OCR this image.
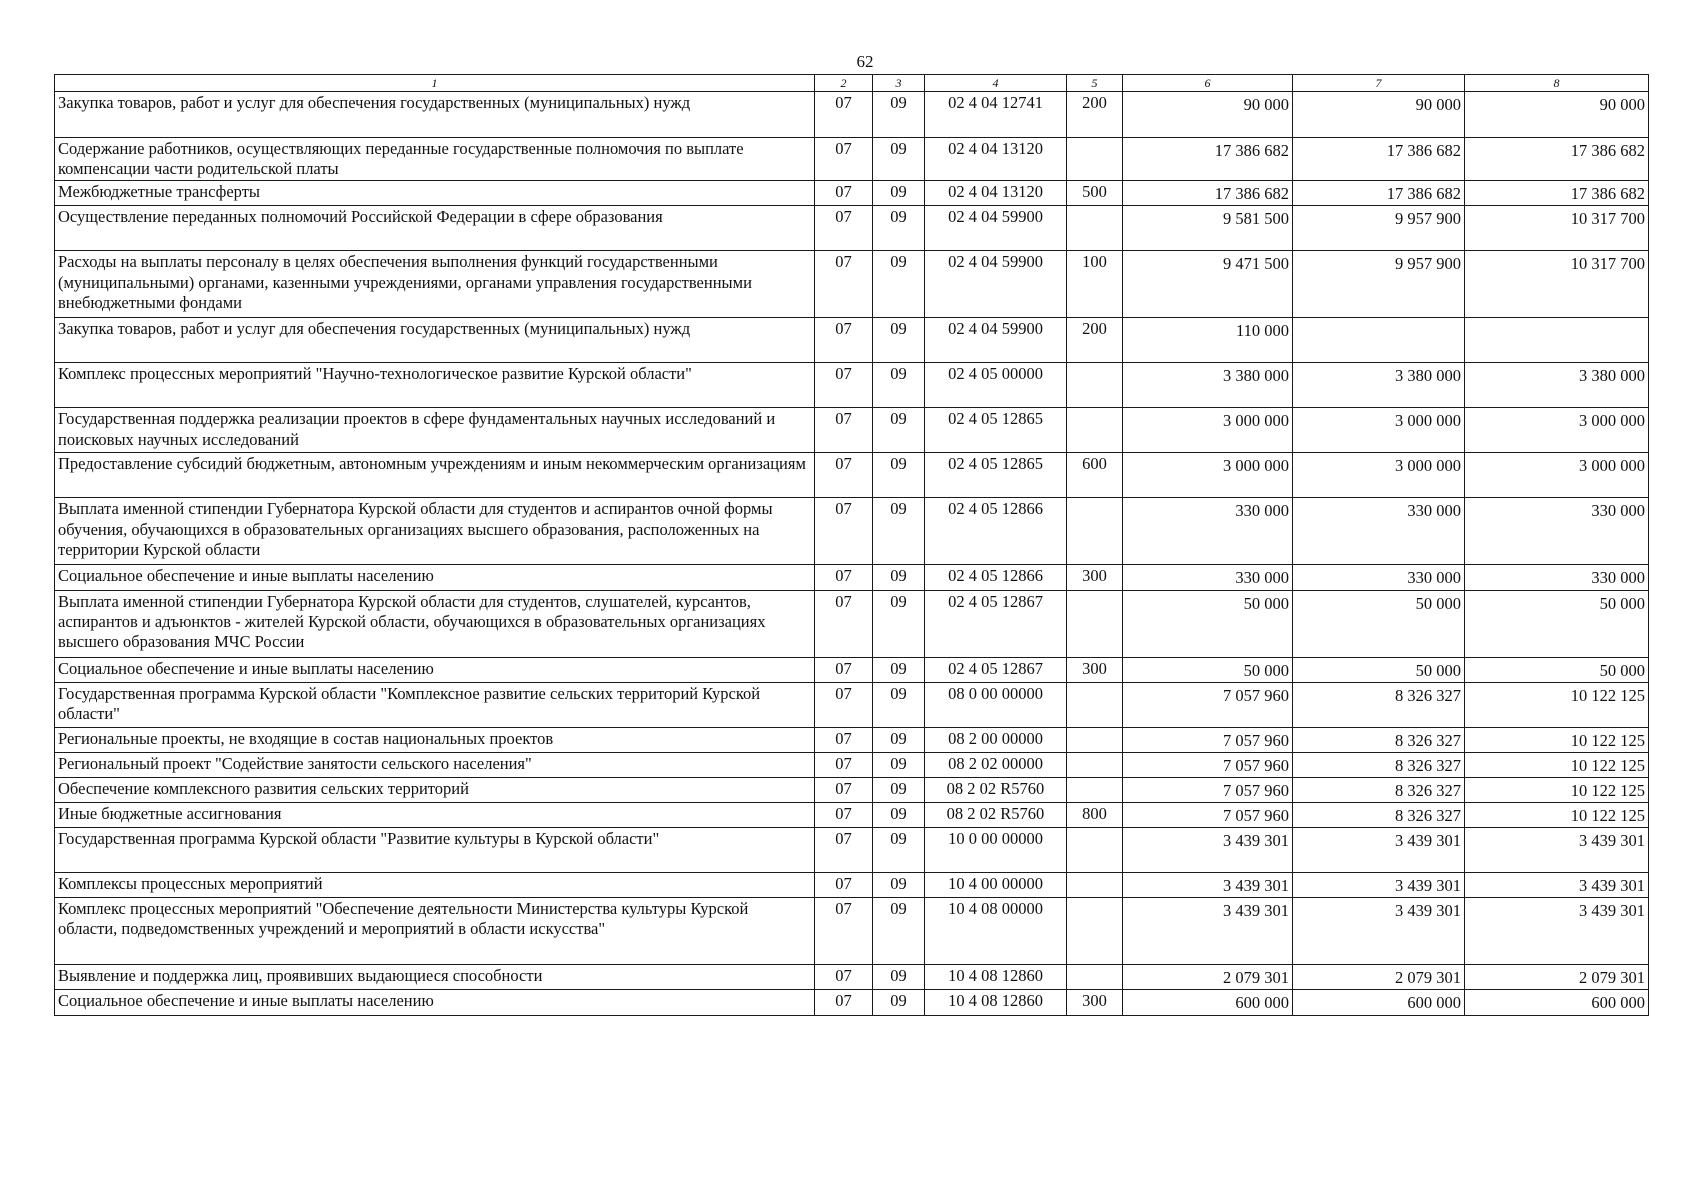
62
1	2	3	4	5	6	7	8
Закупка товаров, работ и услуг для обеспечения государственных (муниципальных) нужд	07	09	02 4 04 12741	200	90 000	90 000	90 000

Содержание работников, осуществляющих переданные государственные полномочия по выплате компенсации части родительской платы	07	09	02 4 04 13120		17 386 682	17 386 682	17 386 682

Межбюджетные трансферты	07	09	02 4 04 13120	500	17 386 682	17 386 682	17 386 682

Осуществление переданных полномочий Российской Федерации в сфере образования	07	09	02 4 04 59900		9 581 500	9 957 900	10 317 700

Расходы на выплаты персоналу в целях обеспечения выполнения функций государственными (муниципальными) органами, казенными учреждениями, органами управления государственными внебюджетными фондами	07	09	02 4 04 59900	100	9 471 500	9 957 900	10 317 700

Закупка товаров, работ и услуг для обеспечения государственных (муниципальных) нужд	07	09	02 4 04 59900	200	110 000		

Комплекс процессных мероприятий "Научно-технологическое развитие Курской области"	07	09	02 4 05 00000		3 380 000	3 380 000	3 380 000

Государственная поддержка реализации проектов в сфере фундаментальных научных исследований и поисковых научных исследований	07	09	02 4 05 12865		3 000 000	3 000 000	3 000 000

Предоставление субсидий бюджетным, автономным учреждениям и иным некоммерческим организациям	07	09	02 4 05 12865	600	3 000 000	3 000 000	3 000 000

Выплата именной стипендии Губернатора Курской области для студентов и аспирантов очной формы обучения, обучающихся в образовательных организациях высшего образования, расположенных на территории Курской области	07	09	02 4 05 12866		330 000	330 000	330 000

Социальное обеспечение и иные выплаты населению	07	09	02 4 05 12866	300	330 000	330 000	330 000

Выплата именной стипендии Губернатора Курской области для студентов, слушателей, курсантов, аспирантов и адъюнктов - жителей Курской области, обучающихся в образовательных организациях высшего образования МЧС России	07	09	02 4 05 12867		50 000	50 000	50 000

Социальное обеспечение и иные выплаты населению	07	09	02 4 05 12867	300	50 000	50 000	50 000

Государственная программа Курской области "Комплексное развитие сельских территорий Курской области"	07	09	08 0 00 00000		7 057 960	8 326 327	10 122 125

Региональные проекты, не входящие в состав национальных проектов	07	09	08 2 00 00000		7 057 960	8 326 327	10 122 125

Региональный проект "Содействие занятости сельского населения"	07	09	08 2 02 00000		7 057 960	8 326 327	10 122 125

Обеспечение комплексного развития сельских территорий	07	09	08 2 02 R5760		7 057 960	8 326 327	10 122 125

Иные бюджетные ассигнования	07	09	08 2 02 R5760	800	7 057 960	8 326 327	10 122 125

Государственная программа Курской области "Развитие культуры в Курской области"	07	09	10 0 00 00000		3 439 301	3 439 301	3 439 301

Комплексы процессных мероприятий	07	09	10 4 00 00000		3 439 301	3 439 301	3 439 301

Комплекс процессных мероприятий "Обеспечение деятельности Министерства культуры Курской области, подведомственных учреждений и мероприятий в области искусства"	07	09	10 4 08 00000		3 439 301	3 439 301	3 439 301

Выявление и поддержка лиц, проявивших выдающиеся способности	07	09	10 4 08 12860		2 079 301	2 079 301	2 079 301

Социальное обеспечение и иные выплаты населению	07	09	10 4 08 12860	300	600 000	600 000	600 000
